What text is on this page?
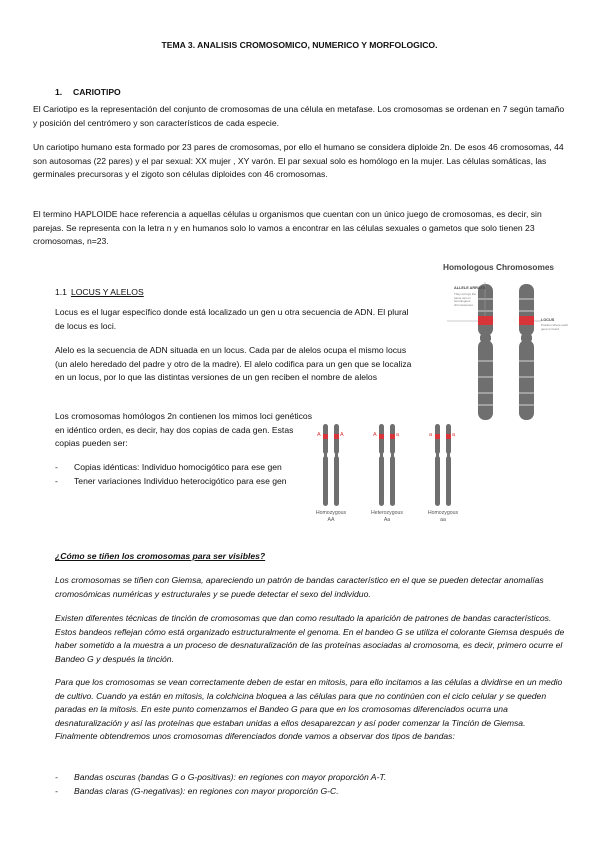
TEMA 3. ANALISIS CROMOSOMICO, NUMERICO Y MORFOLOGICO.
1. CARIOTIPO

El Cariotipo es la representación del conjunto de cromosomas de una célula en metafase. Los cromosomas se ordenan en 7 según tamaño y posición del centrómero y son característicos de cada especie.

Un cariotipo humano esta formado por 23 pares de cromosomas, por ello el humano se considera diploide 2n. De esos 46 cromosomas, 44 son autosomas (22 pares) y el par sexual: XX mujer , XY varón. El par sexual solo es homólogo en la mujer. Las células somáticas, las germinales precursoras y el zigoto son células diploides con 46 cromosomas.

El termino HAPLOIDE hace referencia a aquellas células u organismos que cuentan con un único juego de cromosomas, es decir, sin parejas. Se representa con la letra n y en humanos solo lo vamos a encontrar en las células sexuales o gametos que solo tienen 23 cromosomas, n=23.

Homologous Chromosomes
ALLELE ARRAYS
They occupy the same loci on homologous chromosomes
LOCUS
Position where each gene is found
1.1 LOCUS Y ALELOS

Locus es el lugar específico donde está localizado un gen u otra secuencia de ADN. El plural de locus es loci.

Alelo es la secuencia de ADN situada en un locus. Cada par de alelos ocupa el mismo locus (un alelo heredado del padre y otro de la madre). El alelo codifica para un gen que se localiza en un locus, por lo que las distintas versiones de un gen reciben el nombre de alelos

Los cromosomas homólogos 2n contienen los mimos loci genéticos en idéntico orden, es decir, hay dos copias de cada gen. Estas copias pueden ser:

- Copias idénticas: Individuo homocigótico para ese gen
- Tener variaciones Individuo heterocigótico para ese gen
A	A	A	a	a	a
Homozygous
AA
Heterozygous
Aa
Homozygous
aa

¿Cómo se tiñen los cromosomas para ser visibles?

Los cromosomas se tiñen con Giemsa, apareciendo un patrón de bandas característico en el que se pueden detectar anomalías cromosómicas numéricas y estructurales y se puede detectar el sexo del individuo.

Existen diferentes técnicas de tinción de cromosomas que dan como resultado la aparición de patrones de bandas característicos. Estos bandeos reflejan cómo está organizado estructuralmente el genoma. En el bandeo G se utiliza el colorante Giemsa después de haber sometido a la muestra a un proceso de desnaturalización de las proteínas asociadas al cromosoma, es decir, primero ocurre el Bandeo G y después la tinción.

Para que los cromosomas se vean correctamente deben de estar en mitosis, para ello incitamos a las células a dividirse en un medio de cultivo. Cuando ya están en mitosis, la colchicina bloquea a las células para que no continúen con el ciclo celular y se queden paradas en la mitosis. En este punto comenzamos el Bandeo G para que en los cromosomas diferenciados ocurra una desnaturalización y así las proteínas que estaban unidas a ellos desaparezcan y así poder comenzar la Tinción de Giemsa. Finalmente obtendremos unos cromosomas diferenciados donde vamos a observar dos tipos de bandas:

- Bandas oscuras (bandas G o G-positivas): en regiones con mayor proporción A-T.
- Bandas claras (G-negativas): en regiones con mayor proporción G-C.
